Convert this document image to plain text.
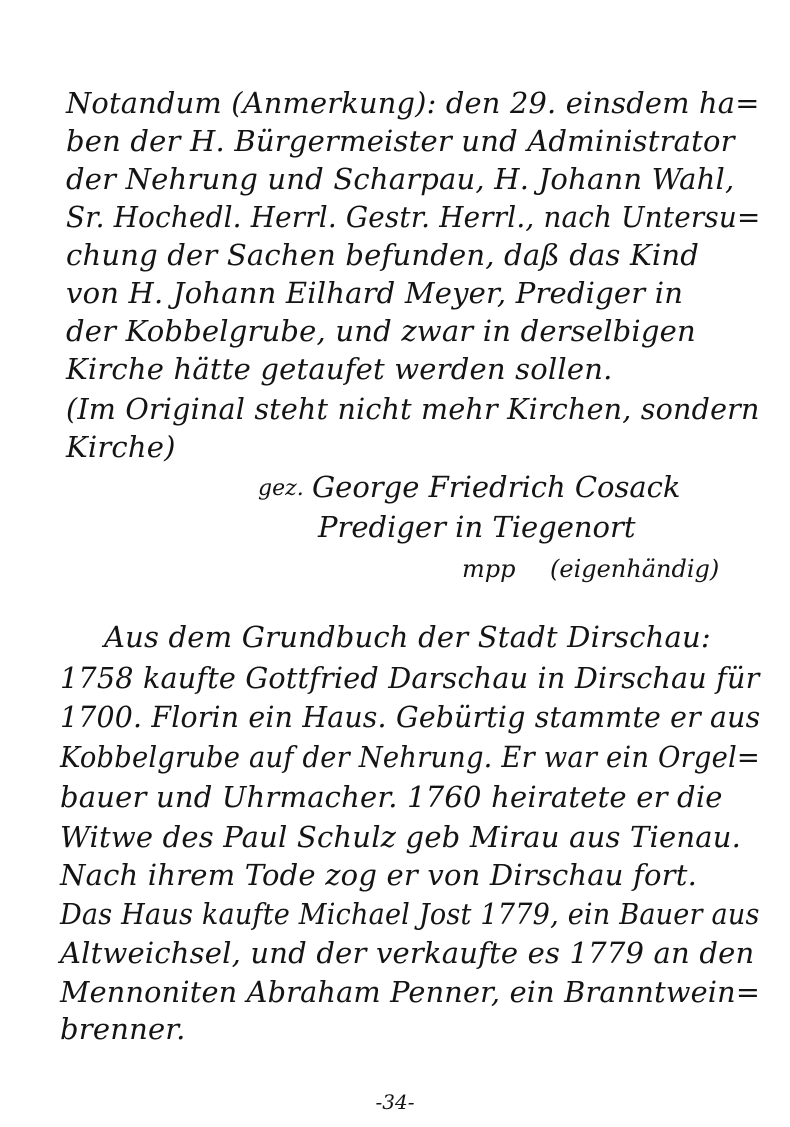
Notandum (Anmerkung): den 29. einsdem ha=
ben der H. Bürgermeister und Administrator
der Nehrung und Scharpau, H. Johann Wahl,
Sr. Hochedl. Herrl. Gestr. Herrl., nach Untersu=
chung der Sachen befunden, daß das Kind
von H. Johann Eilhard Meyer, Prediger in
der Kobbelgrube, und zwar in derselbigen
Kirche hätte getaufet werden sollen.
(Im Original steht nicht mehr Kirchen, sondern
Kirche)
gez. George Friedrich Cosack
Prediger in Tiegenort
mpp (eigenhändig)
Aus dem Grundbuch der Stadt Dirschau:
1758 kaufte Gottfried Darschau in Dirschau für
1700. Florin ein Haus. Gebürtig stammte er aus
Kobbelgrube auf der Nehrung. Er war ein Orgel=
bauer und Uhrmacher. 1760 heiratete er die
Witwe des Paul Schulz geb Mirau aus Tienau.
Nach ihrem Tode zog er von Dirschau fort.
Das Haus kaufte Michael Jost 1779, ein Bauer aus
Altweichsel, und der verkaufte es 1779 an den
Mennoniten Abraham Penner, ein Branntwein=
brenner.
-34-
